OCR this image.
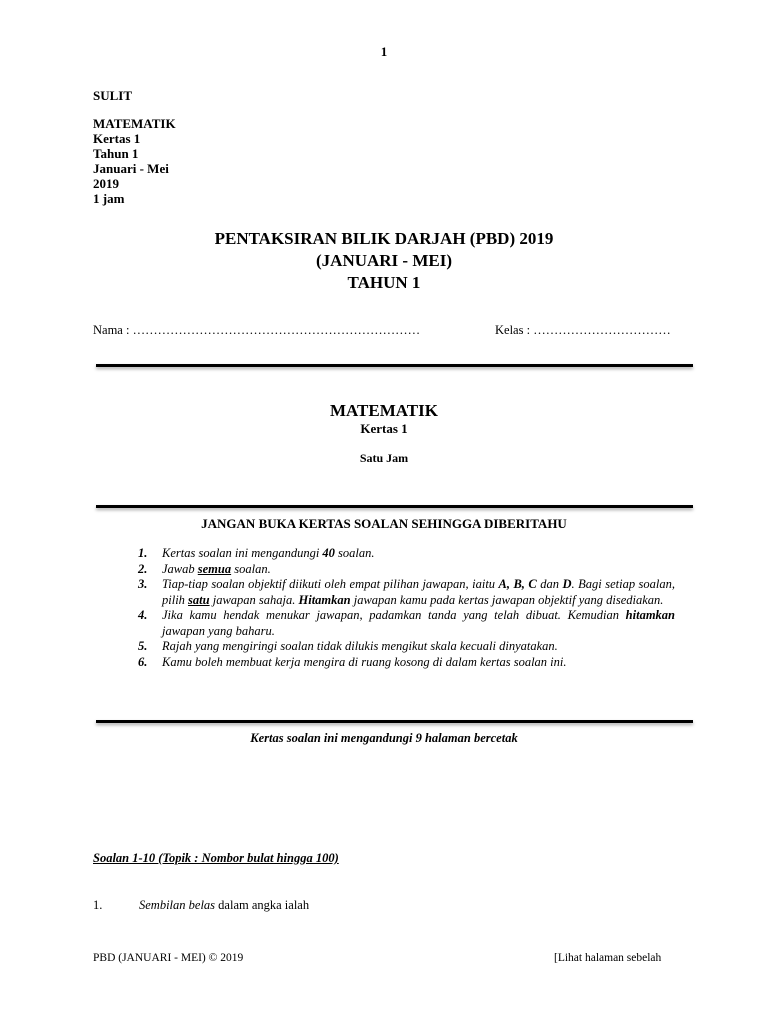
1
SULIT
MATEMATIK
Kertas 1
Tahun 1
Januari - Mei
2019
1 jam
PENTAKSIRAN BILIK DARJAH (PBD) 2019
(JANUARI - MEI)
TAHUN 1
Nama : ……………………………………………………………	Kelas : ……………………………
MATEMATIK
Kertas 1
Satu Jam
JANGAN BUKA KERTAS SOALAN SEHINGGA DIBERITAHU
1.	Kertas soalan ini mengandungi 40 soalan.
2.	Jawab semua soalan.
3.	Tiap-tiap soalan objektif diikuti oleh empat pilihan jawapan, iaitu A, B, C dan D. Bagi setiap soalan, pilih satu jawapan sahaja. Hitamkan jawapan kamu pada kertas jawapan objektif yang disediakan.
4.	Jika kamu hendak menukar jawapan, padamkan tanda yang telah dibuat. Kemudian hitamkan jawapan yang baharu.
5.	Rajah yang mengiringi soalan tidak dilukis mengikut skala kecuali dinyatakan.
6.	Kamu boleh membuat kerja mengira di ruang kosong di dalam kertas soalan ini.
Kertas soalan ini mengandungi 9 halaman bercetak
Soalan 1-10 (Topik : Nombor bulat hingga 100)
1.	Sembilan belas dalam angka ialah
PBD (JANUARI - MEI) © 2019	[Lihat halaman sebelah
